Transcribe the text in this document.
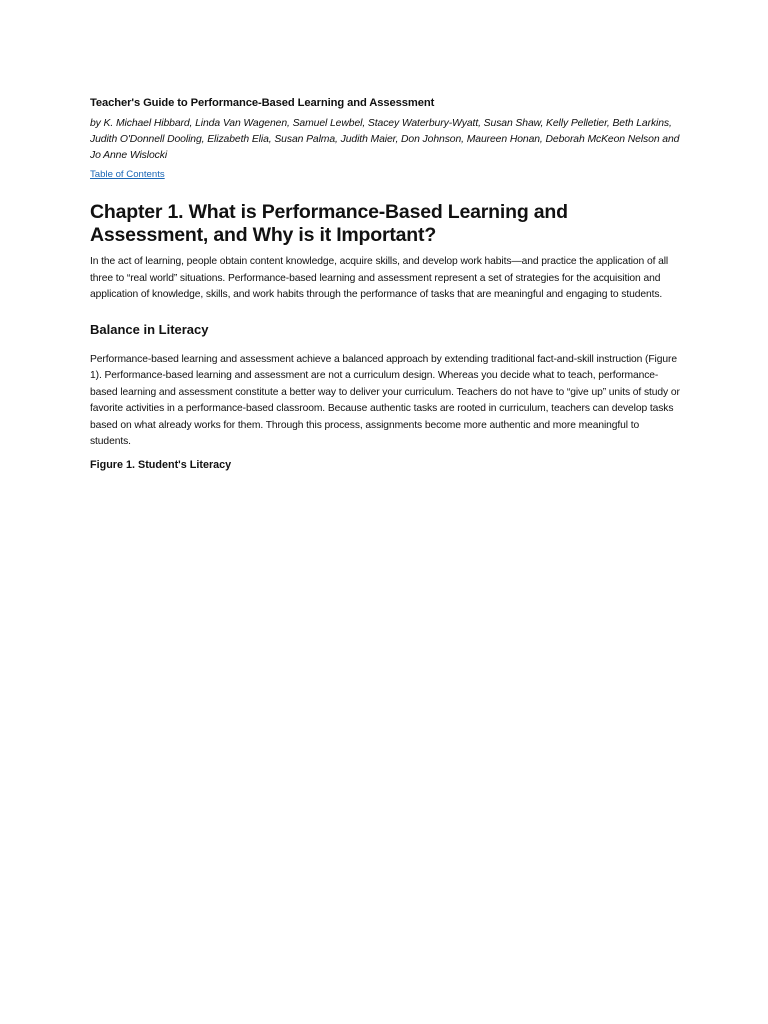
Teacher's Guide to Performance-Based Learning and Assessment

by K. Michael Hibbard, Linda Van Wagenen, Samuel Lewbel, Stacey Waterbury-Wyatt, Susan Shaw, Kelly Pelletier, Beth Larkins, Judith O'Donnell Dooling, Elizabeth Elia, Susan Palma, Judith Maier, Don Johnson, Maureen Honan, Deborah McKeon Nelson and Jo Anne Wislocki

Table of Contents
Chapter 1. What is Performance-Based Learning and Assessment, and Why is it Important?

In the act of learning, people obtain content knowledge, acquire skills, and develop work habits—and practice the application of all three to “real world” situations. Performance-based learning and assessment represent a set of strategies for the acquisition and application of knowledge, skills, and work habits through the performance of tasks that are meaningful and engaging to students.

Balance in Literacy

Performance-based learning and assessment achieve a balanced approach by extending traditional fact-and-skill instruction (Figure 1). Performance-based learning and assessment are not a curriculum design. Whereas you decide what to teach, performance-based learning and assessment constitute a better way to deliver your curriculum. Teachers do not have to “give up” units of study or favorite activities in a performance-based classroom. Because authentic tasks are rooted in curriculum, teachers can develop tasks based on what already works for them. Through this process, assignments become more authentic and more meaningful to students.

Figure 1. Student's Literacy
